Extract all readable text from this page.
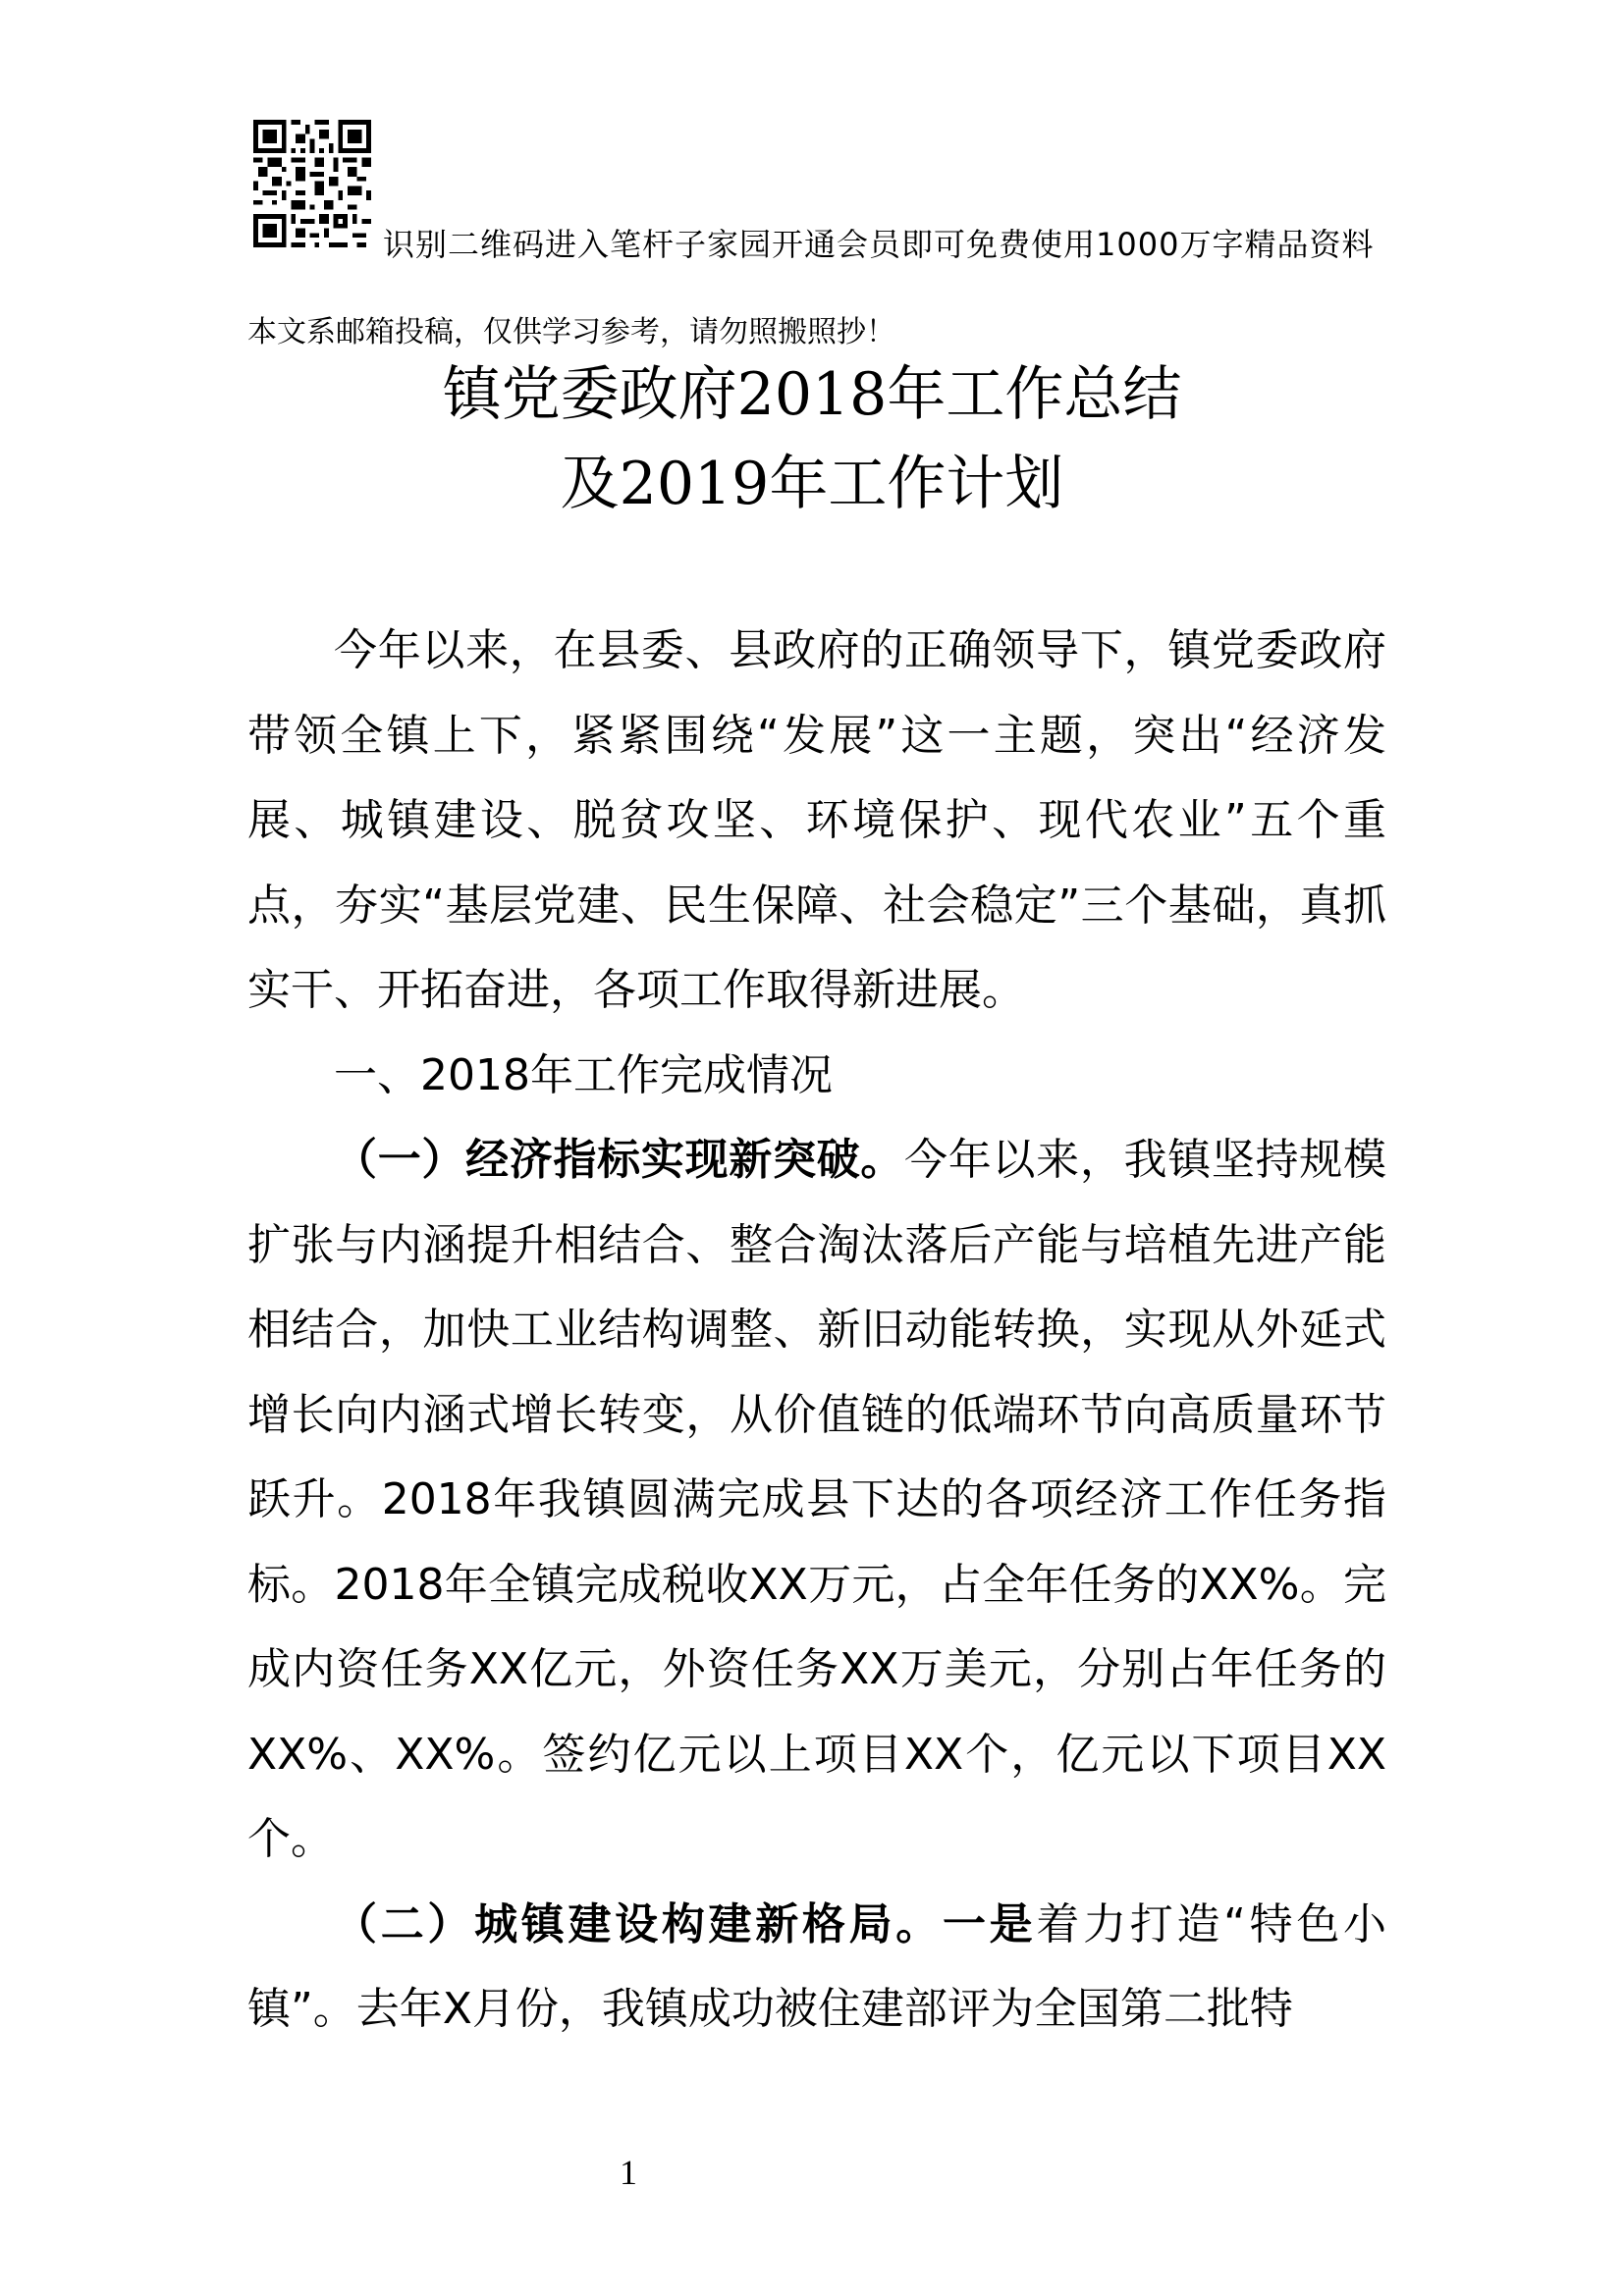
识别二维码进入笔杆子家园开通会员即可免费使用1000万字精品资料
本文系邮箱投稿，仅供学习参考，请勿照搬照抄！
镇党委政府2018年工作总结
及2019年工作计划

今年以来，在县委、县政府的正确领导下，镇党委政府带领全镇上下，紧紧围绕“发展”这一主题，突出“经济发展、城镇建设、脱贫攻坚、环境保护、现代农业”五个重点，夯实“基层党建、民生保障、社会稳定”三个基础，真抓实干、开拓奋进，各项工作取得新进展。

一、2018年工作完成情况

（一）经济指标实现新突破。今年以来，我镇坚持规模扩张与内涵提升相结合、整合淘汰落后产能与培植先进产能相结合，加快工业结构调整、新旧动能转换，实现从外延式增长向内涵式增长转变，从价值链的低端环节向高质量环节跃升。2018年我镇圆满完成县下达的各项经济工作任务指标。2018年全镇完成税收XX万元，占全年任务的XX%。完成内资任务XX亿元，外资任务XX万美元，分别占年任务的XX%、XX%。签约亿元以上项目XX个，亿元以下项目XX个。

（二）城镇建设构建新格局。一是着力打造“特色小镇”。去年X月份，我镇成功被住建部评为全国第二批特

1
